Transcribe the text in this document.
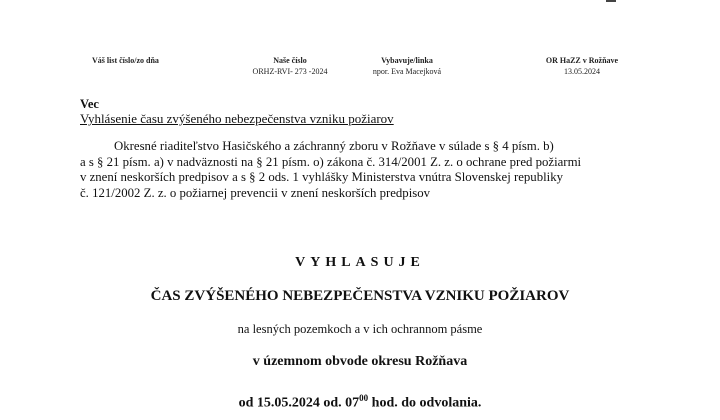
Váš list číslo/zo dňa	Naše číslo
ORHZ-RVI- 273 -2024
Vybavuje/linka
npor. Eva Macejková
OR HaZZ v Rožňave
13.05.2024
Vec
Vyhlásenie času zvýšeného nebezpečenstva vzniku požiarov
Okresné riaditeľstvo Hasičského a záchranný zboru v Rožňave v súlade s § 4 písm. b)
a s § 21 písm. a) v nadväznosti na § 21 písm. o) zákona č. 314/2001 Z. z. o ochrane pred požiarmi
v znení neskorších predpisov a s § 2 ods. 1 vyhlášky Ministerstva vnútra Slovenskej republiky
č. 121/2002 Z. z. o požiarnej prevencii v znení neskorších predpisov
VYHLASUJE
ČAS ZVÝŠENÉHO NEBEZPEČENSTVA VZNIKU POŽIAROV
na lesných pozemkoch a v ich ochrannom pásme
v územnom obvode okresu Rožňava
od 15.05.2024 od. $07^{00}$ hod. do odvolania.
